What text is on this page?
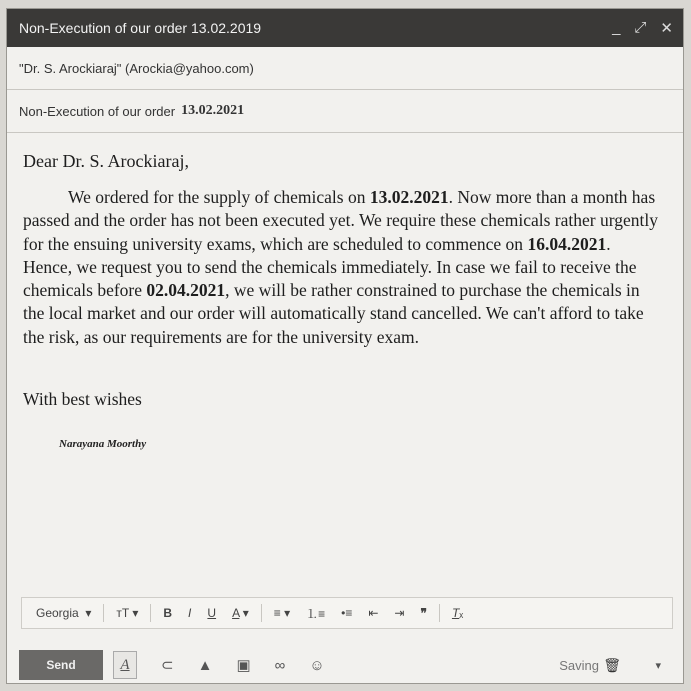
Non-Execution of our order 13.02.2019	_ ⤢ ✕
"Dr. S. Arockiaraj" (Arockia@yahoo.com)
Non-Execution of our order 13.02.2021

Dear Dr. S. Arockiaraj,

We ordered for the supply of chemicals on 13.02.2021. Now more than a month has passed and the order has not been executed yet. We require these chemicals rather urgently for the ensuing university exams, which are scheduled to commence on 16.04.2021. Hence, we request you to send the chemicals immediately. In case we fail to receive the chemicals before 02.04.2021, we will be rather constrained to purchase the chemicals in the local market and our order will automatically stand cancelled. We can't afford to take the risk, as our requirements are for the university exam.

With best wishes

Narayana Moorthy

Georgia  ▾	ᴛT ▾	B	I	U	A ▾	≡ ▾	⒈≡	•≡	⇤	⇥	❞	Tₓ
Send	A	⊂ ▲ ▣ ∞ ☺	Saving 🗑	▾
